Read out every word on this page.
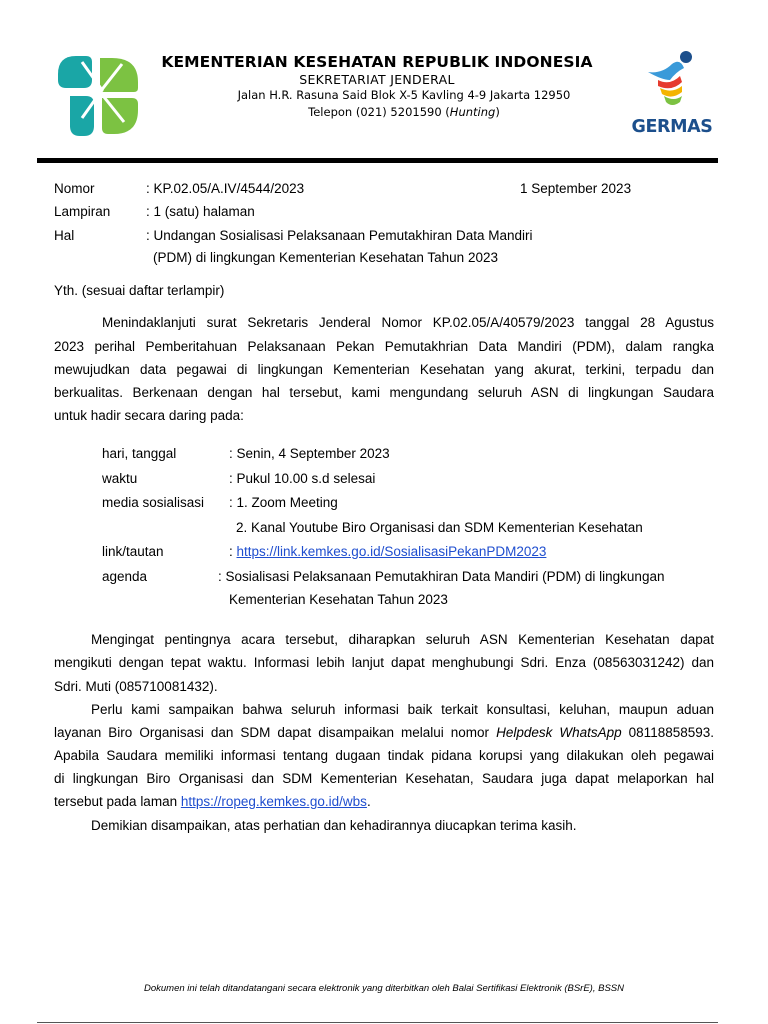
KEMENTERIAN KESEHATAN REPUBLIK INDONESIA
SEKRETARIAT JENDERAL
Jalan H.R. Rasuna Said Blok X-5 Kavling 4-9 Jakarta 12950
Telepon (021) 5201590 (Hunting)
GERMAS
Nomor	: KP.02.05/A.IV/4544/2023	1 September 2023
Lampiran	: 1 (satu) halaman
Hal	: Undangan Sosialisasi Pelaksanaan Pemutakhiran Data Mandiri
(PDM) di lingkungan Kementerian Kesehatan Tahun 2023
Yth. (sesuai daftar terlampir)
Menindaklanjuti surat Sekretaris Jenderal Nomor KP.02.05/A/40579/2023 tanggal 28 Agustus
2023 perihal Pemberitahuan Pelaksanaan Pekan Pemutakhrian Data Mandiri (PDM), dalam rangka
mewujudkan data pegawai di lingkungan Kementerian Kesehatan yang akurat, terkini, terpadu dan
berkualitas. Berkenaan dengan hal tersebut, kami mengundang seluruh ASN di lingkungan Saudara
untuk hadir secara daring pada:
hari, tanggal	: Senin, 4 September 2023
waktu	: Pukul 10.00 s.d selesai
media sosialisasi : 1. Zoom Meeting
2. Kanal Youtube Biro Organisasi dan SDM Kementerian Kesehatan
link/tautan	: https://link.kemkes.go.id/SosialisasiPekanPDM2023
agenda	: Sosialisasi Pelaksanaan Pemutakhiran Data Mandiri (PDM) di lingkungan
Kementerian Kesehatan Tahun 2023
Mengingat pentingnya acara tersebut, diharapkan seluruh ASN Kementerian Kesehatan dapat
mengikuti dengan tepat waktu. Informasi lebih lanjut dapat menghubungi Sdri. Enza (08563031242) dan
Sdri. Muti (085710081432).
Perlu kami sampaikan bahwa seluruh informasi baik terkait konsultasi, keluhan, maupun aduan
layanan Biro Organisasi dan SDM dapat disampaikan melalui nomor Helpdesk WhatsApp 08118858593.
Apabila Saudara memiliki informasi tentang dugaan tindak pidana korupsi yang dilakukan oleh pegawai
di lingkungan Biro Organisasi dan SDM Kementerian Kesehatan, Saudara juga dapat melaporkan hal
tersebut pada laman https://ropeg.kemkes.go.id/wbs.
Demikian disampaikan, atas perhatian dan kehadirannya diucapkan terima kasih.
Dokumen ini telah ditandatangani secara elektronik yang diterbitkan oleh Balai Sertifikasi Elektronik (BSrE), BSSN
